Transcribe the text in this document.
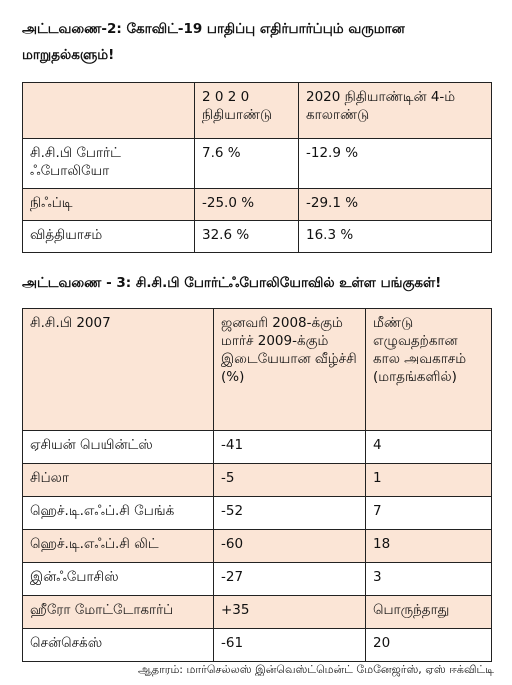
அட்டவணை-2: கோவிட்-19 பாதிப்பு எதிர்பார்ப்பும் வருமான மாறுதல்களும்!
	2 0 2 0 நிதியாண்டு	2020 நிதியாண்டின் 4-ம் காலாண்டு
சி.சி.பி போர்ட் ஃபோலியோ	7.6 %	-12.9 %
நிஃப்டி	-25.0 %	-29.1 %
வித்தியாசம்	32.6 %	16.3 %
அட்டவணை - 3: சி.சி.பி போர்ட்ஃபோலியோவில் உள்ள பங்குகள்!
சி.சி.பி 2007	ஜனவரி 2008-க்கும் மார்ச் 2009-க்கும் இடையேயான வீழ்ச்சி (%)	மீண்டு எழுவதற்கான கால அவகாசம் (மாதங்களில்)
ஏசியன் பெயின்ட்ஸ்	-41	4
சிப்லா	-5	1
ஹெச்.டி.எஃப்.சி பேங்க்	-52	7
ஹெச்.டி.எஃப்.சி லிட்	-60	18
இன்ஃபோசிஸ்	-27	3
ஹீரோ மோட்டோகார்ப்	+35	பொருந்தாது
சென்செக்ஸ்	-61	20
ஆதாரம்: மார்செல்லஸ் இன்வெஸ்ட்மென்ட் மேனேஜர்ஸ், ஏஸ் ஈக்விட்டி
